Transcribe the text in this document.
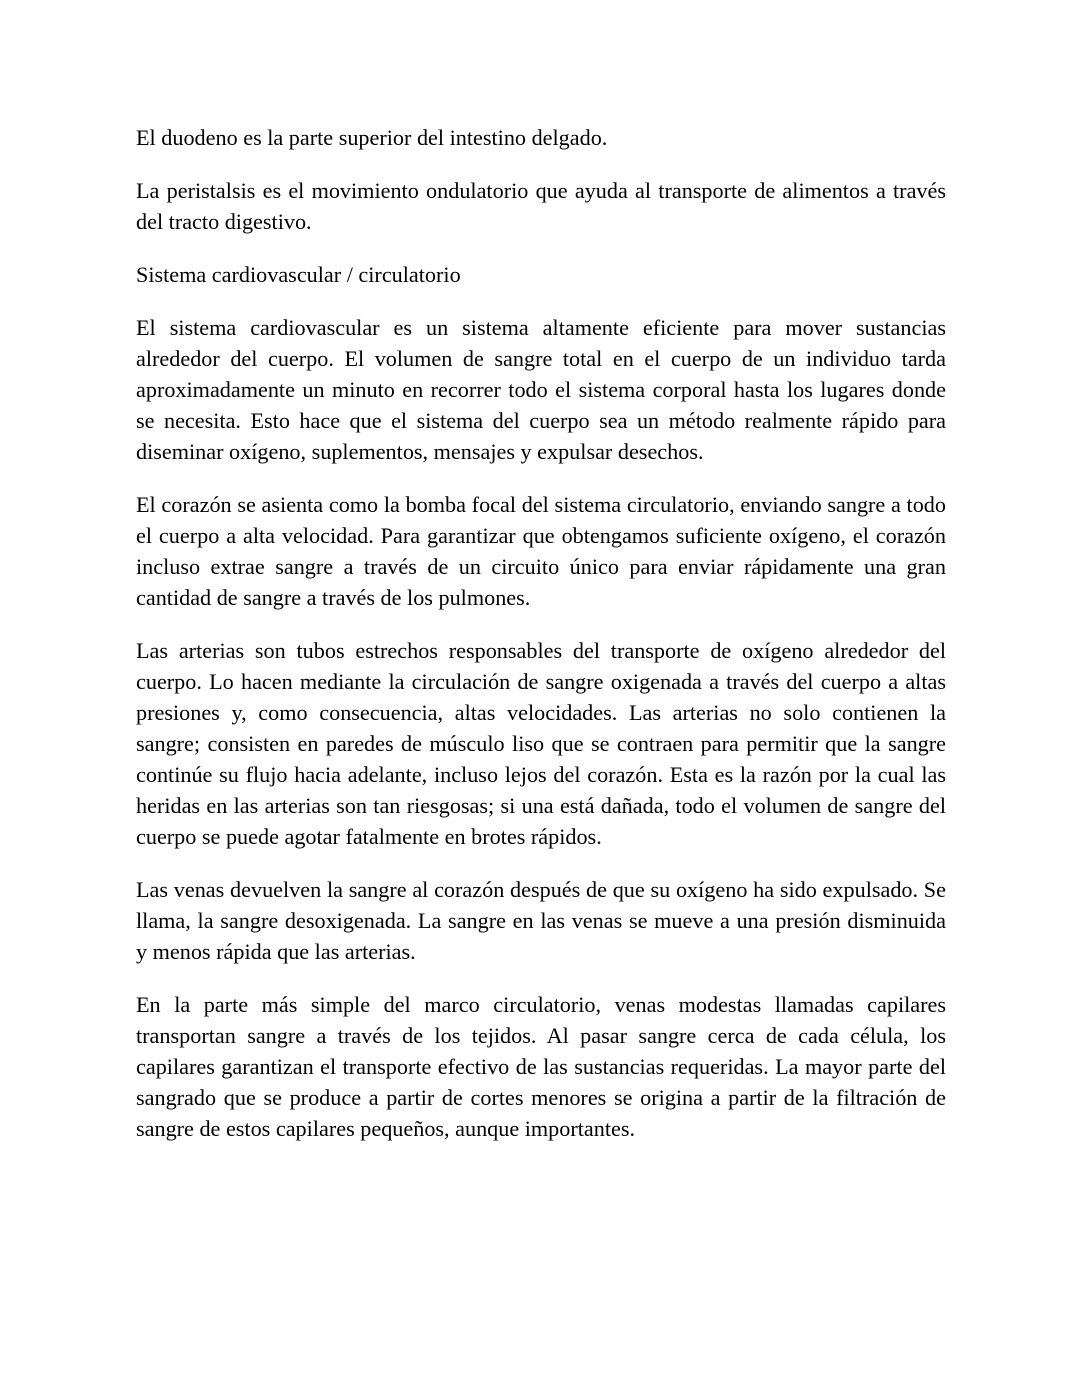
El duodeno es la parte superior del intestino delgado.

La peristalsis es el movimiento ondulatorio que ayuda al transporte de alimentos a través del tracto digestivo.

Sistema cardiovascular / circulatorio

El sistema cardiovascular es un sistema altamente eficiente para mover sustancias alrededor del cuerpo. El volumen de sangre total en el cuerpo de un individuo tarda aproximadamente un minuto en recorrer todo el sistema corporal hasta los lugares donde se necesita. Esto hace que el sistema del cuerpo sea un método realmente rápido para diseminar oxígeno, suplementos, mensajes y expulsar desechos.

El corazón se asienta como la bomba focal del sistema circulatorio, enviando sangre a todo el cuerpo a alta velocidad. Para garantizar que obtengamos suficiente oxígeno, el corazón incluso extrae sangre a través de un circuito único para enviar rápidamente una gran cantidad de sangre a través de los pulmones.

Las arterias son tubos estrechos responsables del transporte de oxígeno alrededor del cuerpo. Lo hacen mediante la circulación de sangre oxigenada a través del cuerpo a altas presiones y, como consecuencia, altas velocidades. Las arterias no solo contienen la sangre; consisten en paredes de músculo liso que se contraen para permitir que la sangre continúe su flujo hacia adelante, incluso lejos del corazón. Esta es la razón por la cual las heridas en las arterias son tan riesgosas; si una está dañada, todo el volumen de sangre del cuerpo se puede agotar fatalmente en brotes rápidos.

Las venas devuelven la sangre al corazón después de que su oxígeno ha sido expulsado. Se llama, la sangre desoxigenada. La sangre en las venas se mueve a una presión disminuida y menos rápida que las arterias.

En la parte más simple del marco circulatorio, venas modestas llamadas capilares transportan sangre a través de los tejidos. Al pasar sangre cerca de cada célula, los capilares garantizan el transporte efectivo de las sustancias requeridas. La mayor parte del sangrado que se produce a partir de cortes menores se origina a partir de la filtración de sangre de estos capilares pequeños, aunque importantes.
